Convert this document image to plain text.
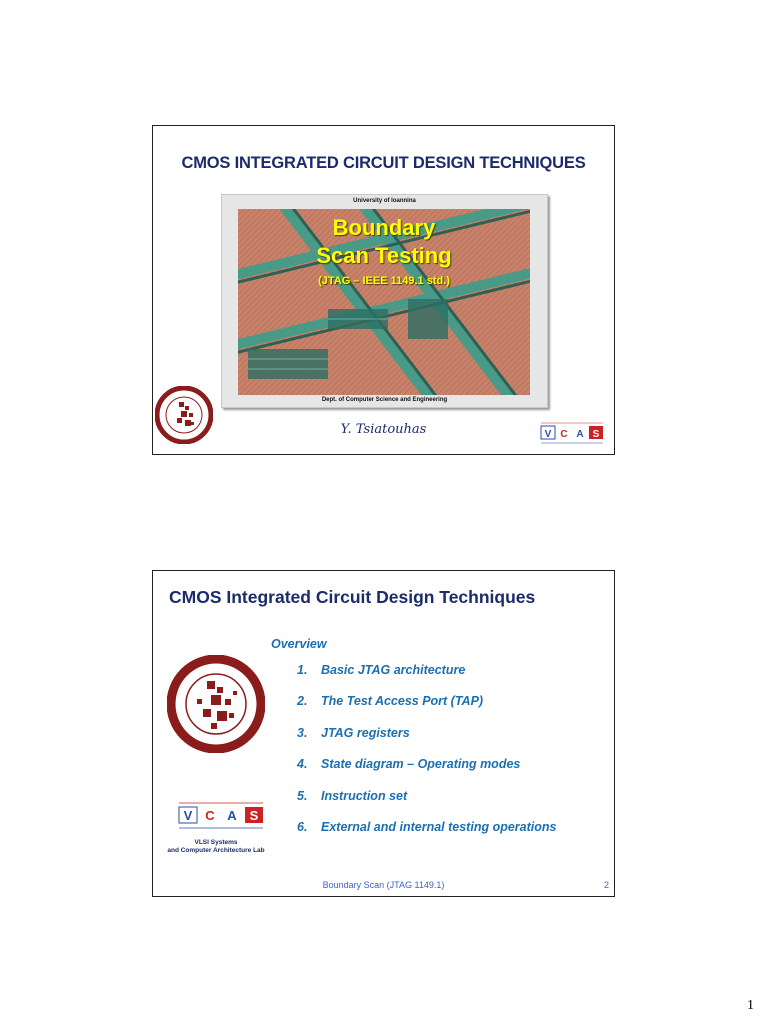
CMOS INTEGRATED CIRCUIT DESIGN TECHNIQUES
University of Ioannina
Boundary
Scan Testing
(JTAG – IEEE 1149.1 std.)
Dept. of Computer Science and Engineering
Y. Tsiatouhas	V C A S
CMOS Integrated Circuit Design Techniques
Overview
1. Basic JTAG architecture
2. The Test Access Port (TAP)
3. JTAG registers
4. State diagram – Operating modes
5. Instruction set
6. External and internal testing operations
V C A S
VLSI Systems
and Computer Architecture Lab
Boundary Scan (JTAG 1149.1)	2
1
